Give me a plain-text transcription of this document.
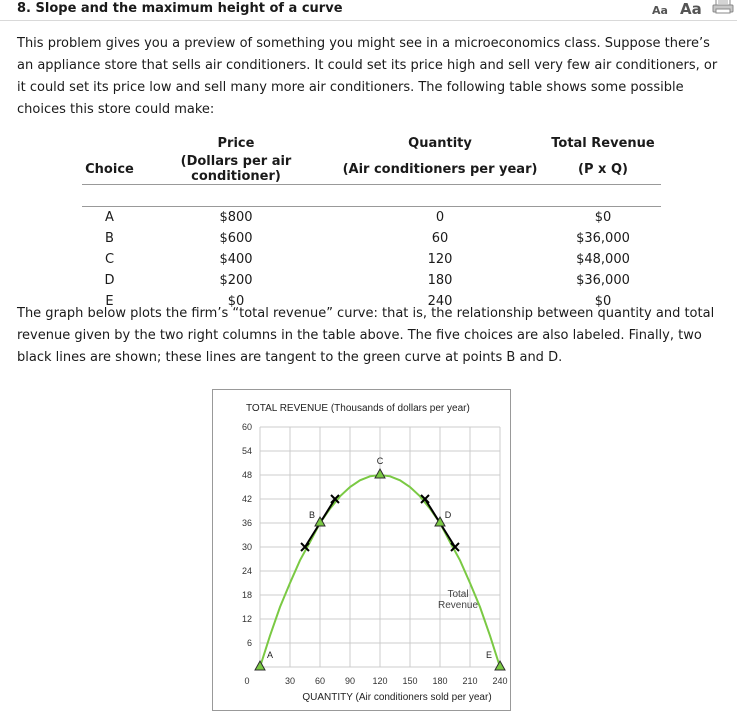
8. Slope and the maximum height of a curve	Aa Aa

This problem gives you a preview of something you might see in a microeconomics class. Suppose there’s an appliance store that sells air conditioners. It could set its price high and sell very few air conditioners, or it could set its price low and sell many more air conditioners. The following table shows some possible choices this store could make:

	Price	Quantity	Total Revenue
Choice	(Dollars per air conditioner)	(Air conditioners per year)	(P x Q)

A	$800	0	$0
B	$600	60	$36,000
C	$400	120	$48,000
D	$200	180	$36,000
E	$0	240	$0

The graph below plots the firm’s “total revenue” curve: that is, the relationship between quantity and total revenue given by the two right columns in the table above. The five choices are also labeled. Finally, two black lines are shown; these lines are tangent to the green curve at points B and D.

TOTAL REVENUE (Thousands of dollars per year)
6
12
18
24
30
36
42
48
54
60
0	30 60 90 120 150 180 210 240
QUANTITY (Air conditioners sold per year)
A
B
C
D
E
Total Revenue
